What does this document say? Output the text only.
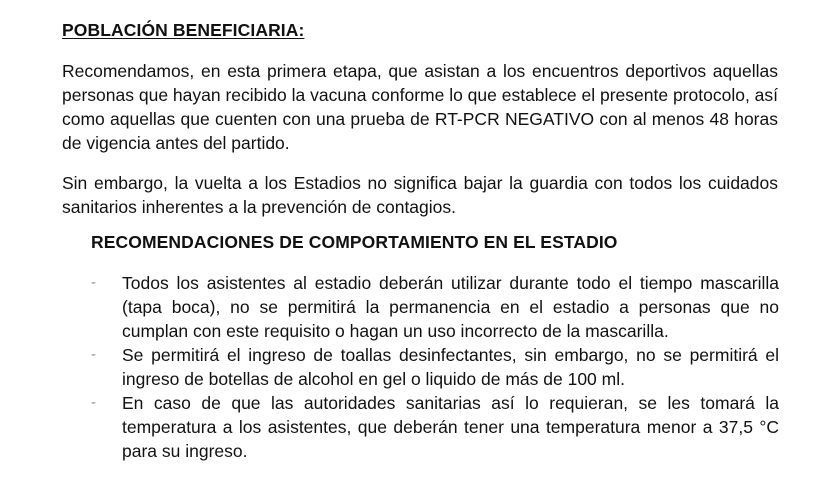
POBLACIÓN BENEFICIARIA:

Recomendamos, en esta primera etapa, que asistan a los encuentros deportivos aquellas personas que hayan recibido la vacuna conforme lo que establece el presente protocolo, así como aquellas que cuenten con una prueba de RT-PCR NEGATIVO con al menos 48 horas de vigencia antes del partido.

Sin embargo, la vuelta a los Estadios no significa bajar la guardia con todos los cuidados sanitarios inherentes a la prevención de contagios.

RECOMENDACIONES DE COMPORTAMIENTO EN EL ESTADIO
-	Todos los asistentes al estadio deberán utilizar durante todo el tiempo mascarilla (tapa boca), no se permitirá la permanencia en el estadio a personas que no cumplan con este requisito o hagan un uso incorrecto de la mascarilla.
-	Se permitirá el ingreso de toallas desinfectantes, sin embargo, no se permitirá el ingreso de botellas de alcohol en gel o liquido de más de 100 ml.
-	En caso de que las autoridades sanitarias así lo requieran, se les tomará la temperatura a los asistentes, que deberán tener una temperatura menor a 37,5 °C para su ingreso.
